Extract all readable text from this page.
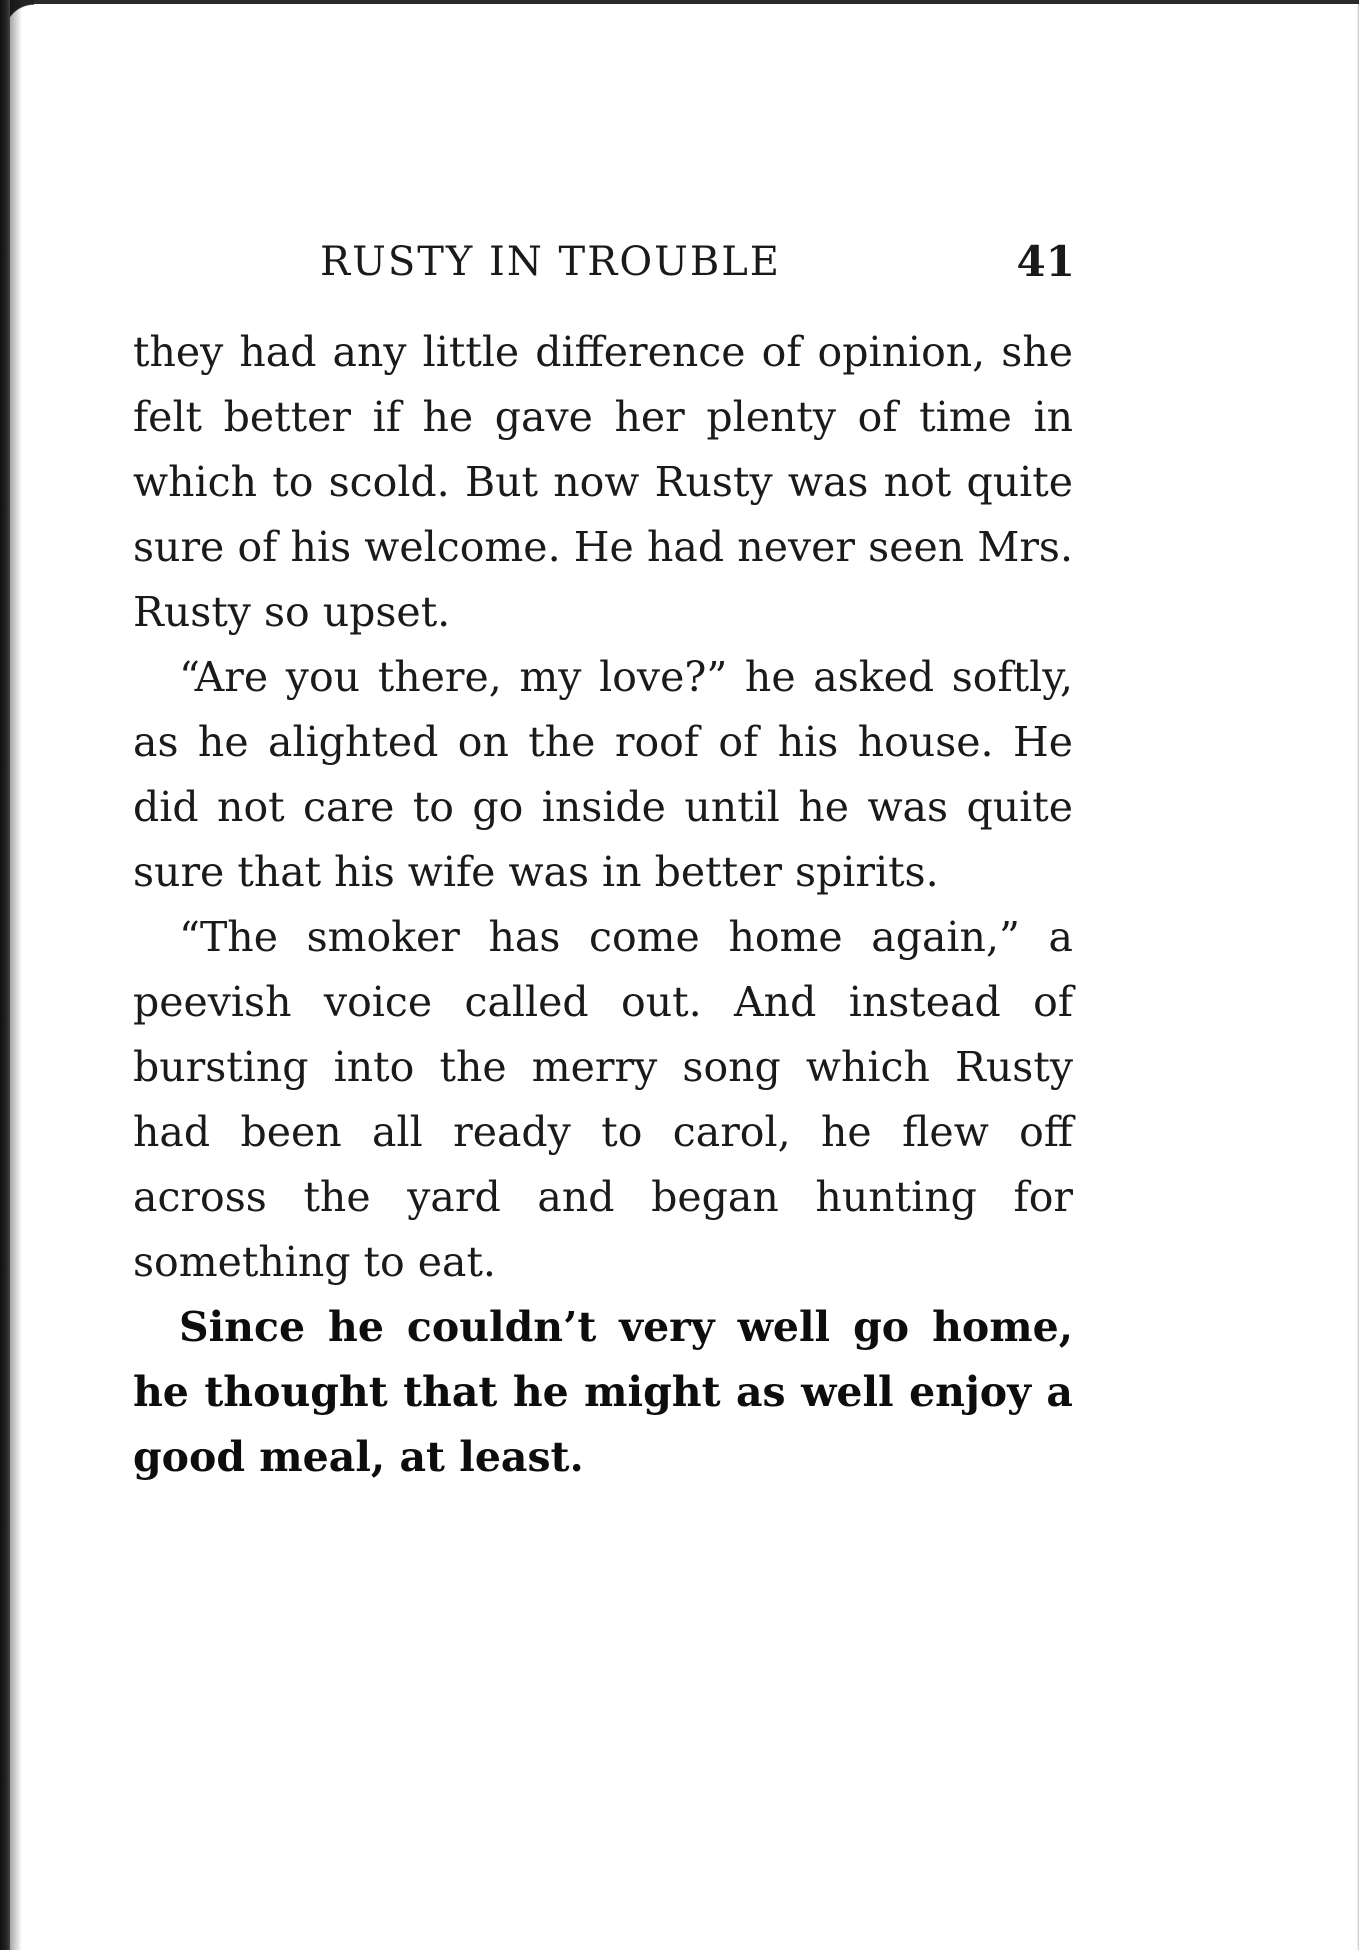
RUSTY IN TROUBLE	41

they had any little difference of opinion, she felt better if he gave her plenty of time in which to scold. But now Rusty was not quite sure of his welcome. He had never seen Mrs. Rusty so upset.

“Are you there, my love?” he asked softly, as he alighted on the roof of his house. He did not care to go inside until he was quite sure that his wife was in better spirits.

“The smoker has come home again,” a peevish voice called out. And instead of bursting into the merry song which Rusty had been all ready to carol, he flew off across the yard and began hunting for something to eat.

Since he couldn’t very well go home, he thought that he might as well enjoy a good meal, at least.
